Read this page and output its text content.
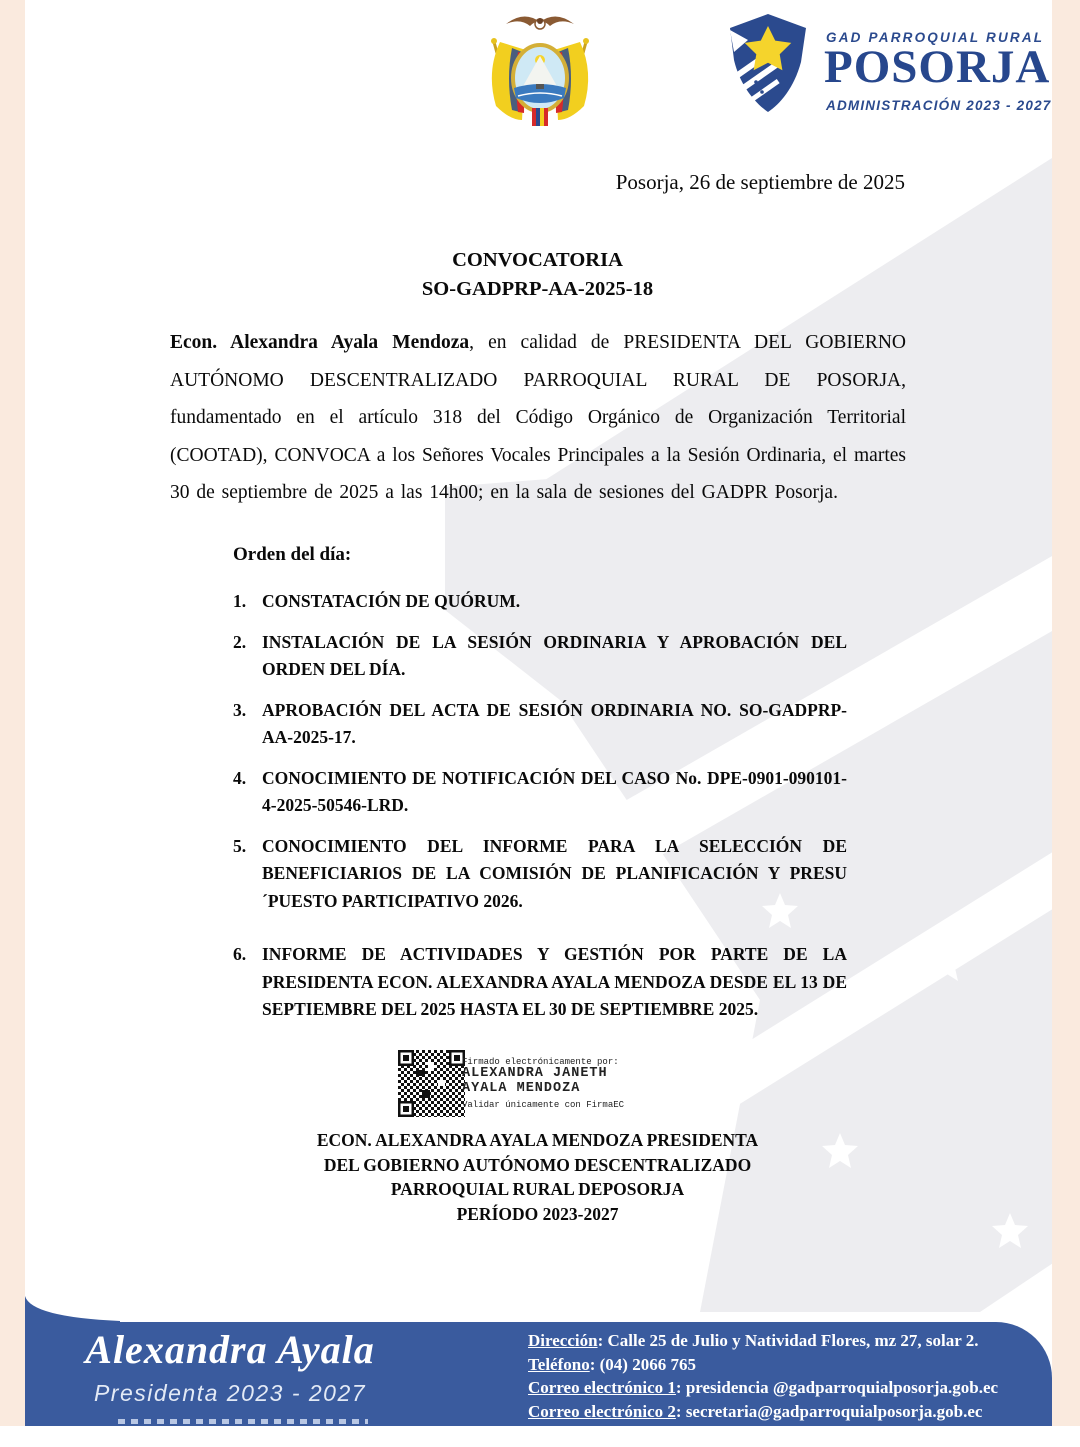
GAD PARROQUIAL RURAL
POSORJA
ADMINISTRACIÓN 2023 - 2027
Posorja, 26 de septiembre de 2025
CONVOCATORIA
SO-GADPRP-AA-2025-18
Econ. Alexandra Ayala Mendoza, en calidad de PRESIDENTA DEL GOBIERNO AUTÓNOMO DESCENTRALIZADO PARROQUIAL RURAL DE POSORJA, fundamentado en el artículo 318 del Código Orgánico de Organización Territorial (COOTAD), CONVOCA a los Señores Vocales Principales a la Sesión Ordinaria, el martes 30 de septiembre de 2025 a las 14h00; en la sala de sesiones del GADPR Posorja.
Orden del día:
1. CONSTATACIÓN DE QUÓRUM.
2. INSTALACIÓN DE LA SESIÓN ORDINARIA Y APROBACIÓN DEL ORDEN DEL DÍA.
3. APROBACIÓN DEL ACTA DE SESIÓN ORDINARIA NO. SO-GADPRP-AA-2025-17.
4. CONOCIMIENTO DE NOTIFICACIÓN DEL CASO No. DPE-0901-090101-4-2025-50546-LRD.
5. CONOCIMIENTO DEL INFORME PARA LA SELECCIÓN DE BENEFICIARIOS DE LA COMISIÓN DE PLANIFICACIÓN Y PRESU´PUESTO PARTICIPATIVO 2026.
6. INFORME DE ACTIVIDADES Y GESTIÓN POR PARTE DE LA PRESIDENTA ECON. ALEXANDRA AYALA MENDOZA DESDE EL 13 DE SEPTIEMBRE DEL 2025 HASTA EL 30 DE SEPTIEMBRE 2025.
Firmado electrónicamente por:
ALEXANDRA JANETH
AYALA MENDOZA
Validar únicamente con FirmaEC
ECON. ALEXANDRA AYALA MENDOZA PRESIDENTA
DEL GOBIERNO AUTÓNOMO DESCENTRALIZADO
PARROQUIAL RURAL DEPOSORJA
PERÍODO 2023-2027
Alexandra Ayala
Presidenta 2023 - 2027
Dirección: Calle 25 de Julio y Natividad Flores, mz 27, solar 2.
Teléfono: (04) 2066 765
Correo electrónico 1: presidencia @gadparroquialposorja.gob.ec
Correo electrónico 2: secretaria@gadparroquialposorja.gob.ec
Posorja - Ecuador
